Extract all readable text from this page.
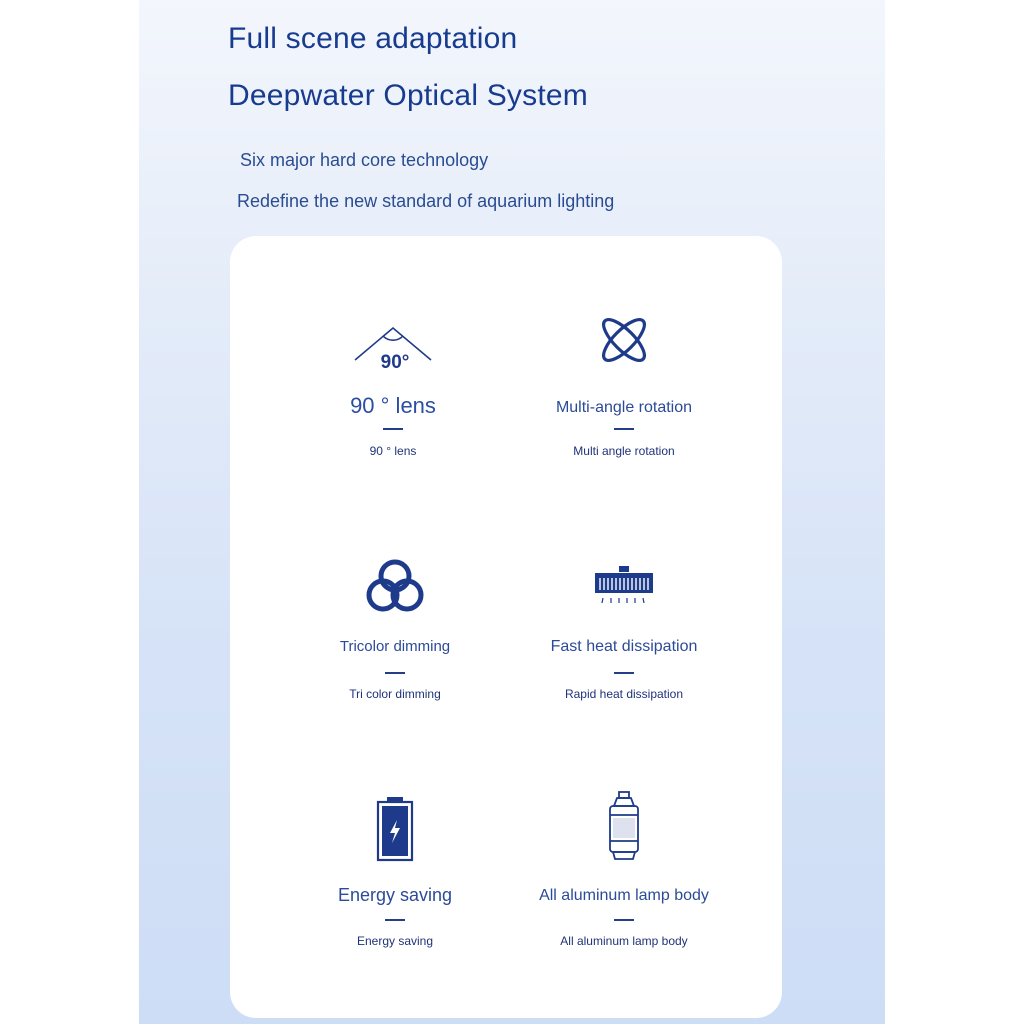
Full scene adaptation
Deepwater Optical System
Six major hard core technology
Redefine the new standard of aquarium lighting
90°
90 ° lens
90 ° lens
Multi-angle rotation
Multi angle rotation
Tricolor dimming
Tri color dimming
Fast heat dissipation
Rapid heat dissipation
Energy saving
Energy saving
All aluminum lamp body
All aluminum lamp body
